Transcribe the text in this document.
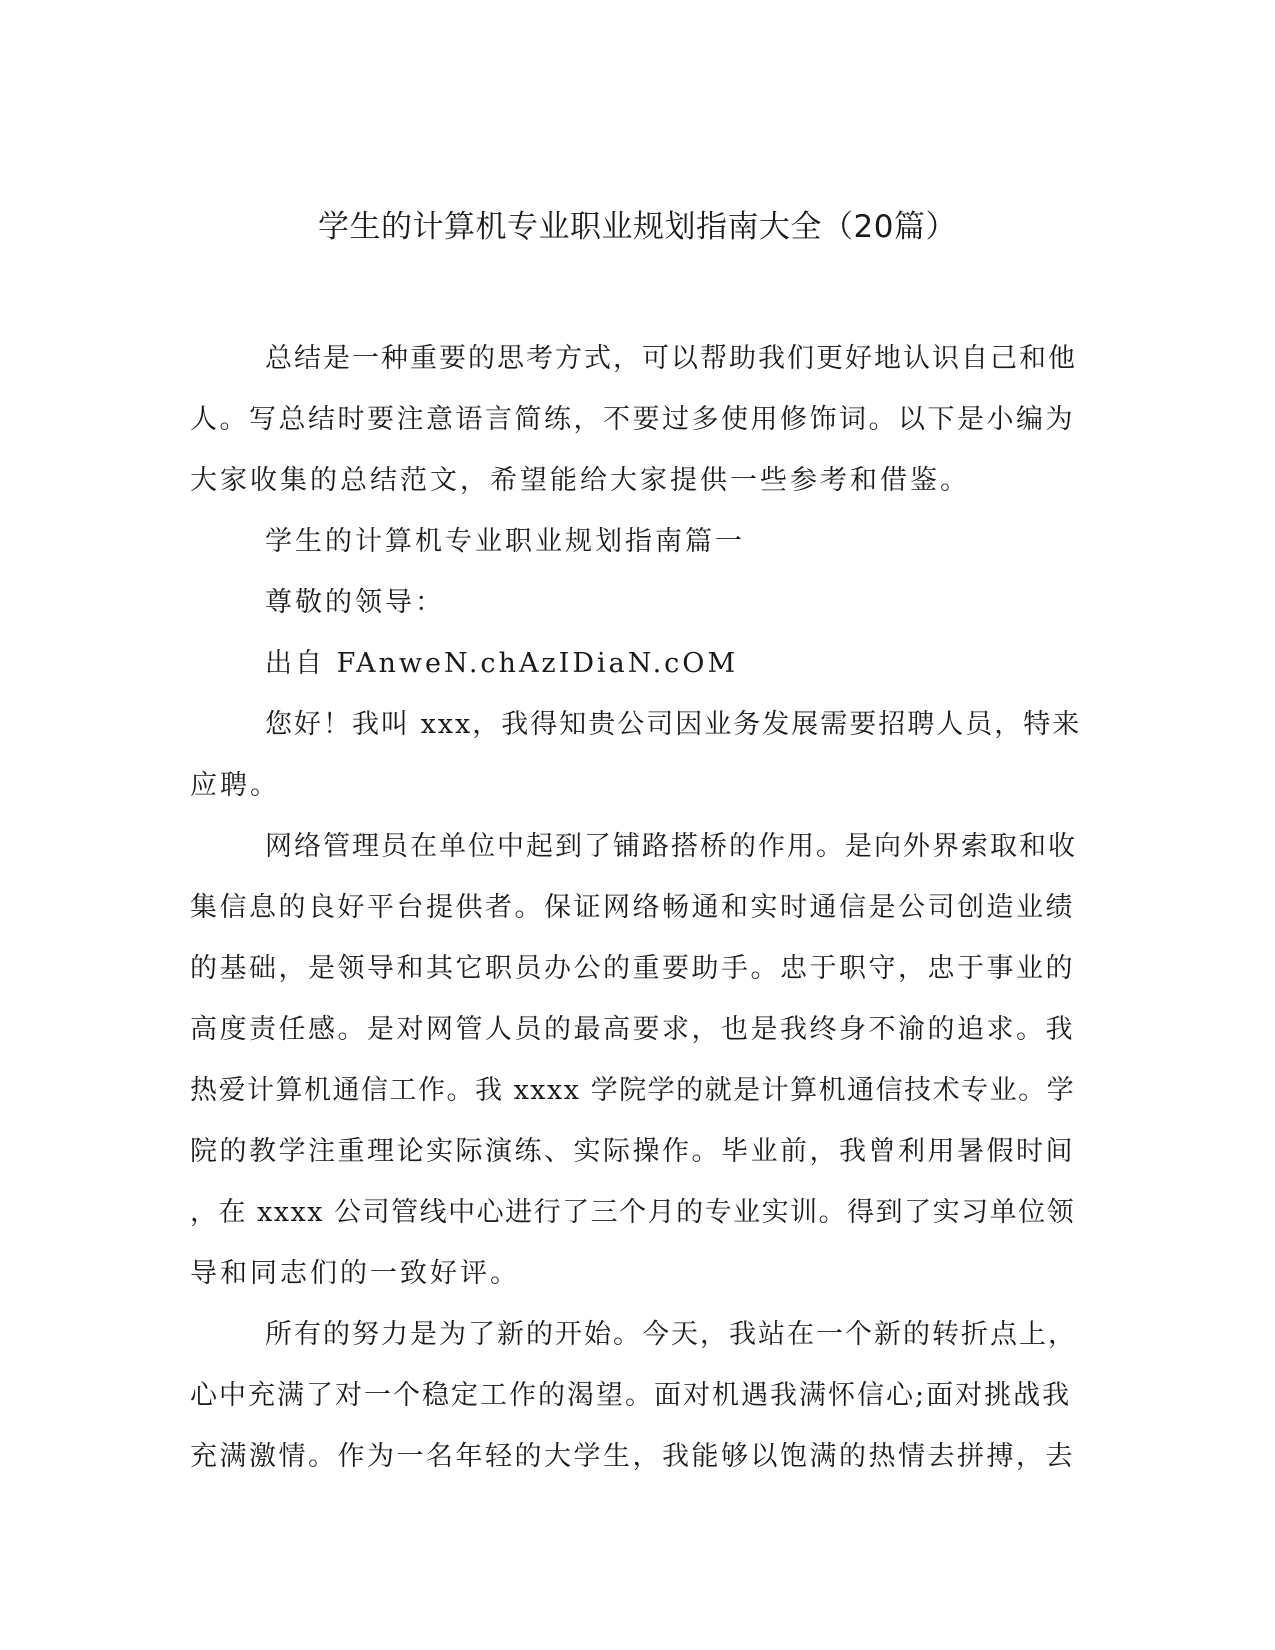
学生的计算机专业职业规划指南大全（20篇）
总结是一种重要的思考方式，可以帮助我们更好地认识自己和他
人。写总结时要注意语言简练，不要过多使用修饰词。以下是小编为
大家收集的总结范文，希望能给大家提供一些参考和借鉴。
学生的计算机专业职业规划指南篇一
尊敬的领导：
出自 FAnweN.chAzIDiaN.cOM
您好！我叫 xxx，我得知贵公司因业务发展需要招聘人员，特来
应聘。
网络管理员在单位中起到了铺路搭桥的作用。是向外界索取和收
集信息的良好平台提供者。保证网络畅通和实时通信是公司创造业绩
的基础，是领导和其它职员办公的重要助手。忠于职守，忠于事业的
高度责任感。是对网管人员的最高要求，也是我终身不渝的追求。我
热爱计算机通信工作。我 xxxx 学院学的就是计算机通信技术专业。学
院的教学注重理论实际演练、实际操作。毕业前，我曾利用暑假时间
，在 xxxx 公司管线中心进行了三个月的专业实训。得到了实习单位领
导和同志们的一致好评。
所有的努力是为了新的开始。今天，我站在一个新的转折点上，
心中充满了对一个稳定工作的渴望。面对机遇我满怀信心;面对挑战我
充满激情。作为一名年轻的大学生，我能够以饱满的热情去拼搏，去
